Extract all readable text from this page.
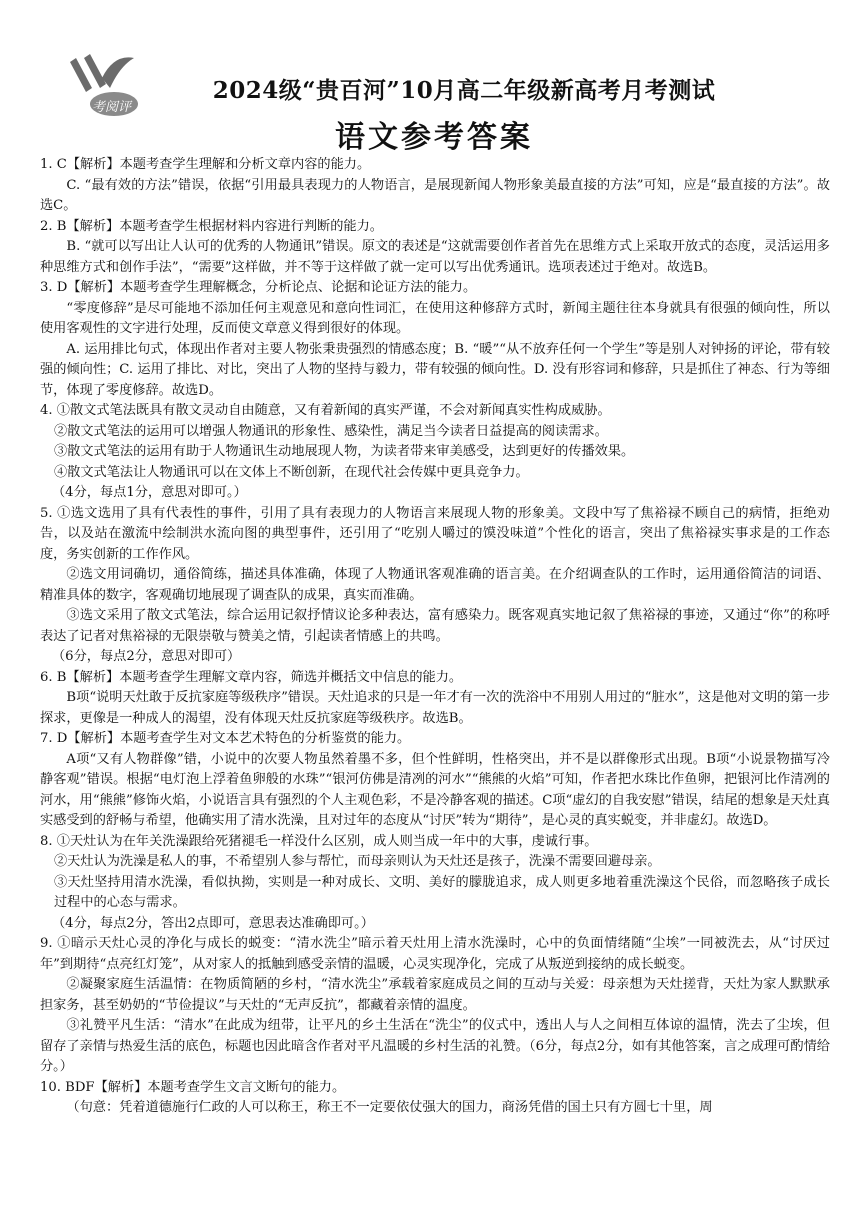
考阅评
2024级“贵百河”10月高二年级新高考月考测试
语文参考答案

1. C【解析】本题考查学生理解和分析文章内容的能力。

C. “最有效的方法”错误，依据“引用最具表现力的人物语言，是展现新闻人物形象美最直接的方法”可知，应是“最直接的方法”。故选C。

2. B【解析】本题考查学生根据材料内容进行判断的能力。

B. “就可以写出让人认可的优秀的人物通讯”错误。原文的表述是“这就需要创作者首先在思维方式上采取开放式的态度，灵活运用多种思维方式和创作手法”，“需要”这样做，并不等于这样做了就一定可以写出优秀通讯。选项表述过于绝对。故选B。

3. D【解析】本题考查学生理解概念，分析论点、论据和论证方法的能力。

“零度修辞”是尽可能地不添加任何主观意见和意向性词汇，在使用这种修辞方式时，新闻主题往往本身就具有很强的倾向性，所以使用客观性的文字进行处理，反而使文章意义得到很好的体现。

A. 运用排比句式，体现出作者对主要人物张秉贵强烈的情感态度；B. “暖”“从不放弃任何一个学生”等是别人对钟扬的评论，带有较强的倾向性；C. 运用了排比、对比，突出了人物的坚持与毅力，带有较强的倾向性。D. 没有形容词和修辞，只是抓住了神态、行为等细节，体现了零度修辞。故选D。

4. ①散文式笔法既具有散文灵动自由随意，又有着新闻的真实严谨，不会对新闻真实性构成威胁。

②散文式笔法的运用可以增强人物通讯的形象性、感染性，满足当今读者日益提高的阅读需求。

③散文式笔法的运用有助于人物通讯生动地展现人物，为读者带来审美感受，达到更好的传播效果。

④散文式笔法让人物通讯可以在文体上不断创新，在现代社会传媒中更具竞争力。

（4分，每点1分，意思对即可。）

5. ①选文选用了具有代表性的事件，引用了具有表现力的人物语言来展现人物的形象美。文段中写了焦裕禄不顾自己的病情，拒绝劝告，以及站在激流中绘制洪水流向图的典型事件，还引用了“吃别人嚼过的馍没味道”个性化的语言，突出了焦裕禄实事求是的工作态度，务实创新的工作作风。

②选文用词确切，通俗简练，描述具体准确，体现了人物通讯客观准确的语言美。在介绍调查队的工作时，运用通俗简洁的词语、精准具体的数字，客观确切地展现了调查队的成果，真实而准确。

③选文采用了散文式笔法，综合运用记叙抒情议论多种表达，富有感染力。既客观真实地记叙了焦裕禄的事迹，又通过“你”的称呼表达了记者对焦裕禄的无限崇敬与赞美之情，引起读者情感上的共鸣。

（6分，每点2分，意思对即可）

6. B【解析】本题考查学生理解文章内容，筛选并概括文中信息的能力。

B项“说明天灶敢于反抗家庭等级秩序”错误。天灶追求的只是一年才有一次的洗浴中不用别人用过的“脏水”，这是他对文明的第一步探求，更像是一种成人的渴望，没有体现天灶反抗家庭等级秩序。故选B。

7. D【解析】本题考查学生对文本艺术特色的分析鉴赏的能力。

A项“又有人物群像”错，小说中的次要人物虽然着墨不多，但个性鲜明，性格突出，并不是以群像形式出现。B项“小说景物描写冷静客观”错误。根据“电灯泡上浮着鱼卵般的水珠”“银河仿佛是清冽的河水”“熊熊的火焰”可知，作者把水珠比作鱼卵，把银河比作清冽的河水，用“熊熊”修饰火焰，小说语言具有强烈的个人主观色彩，不是冷静客观的描述。C项“虚幻的自我安慰”错误，结尾的想象是天灶真实感受到的舒畅与希望，他确实用了清水洗澡，且对过年的态度从“讨厌”转为“期待”，是心灵的真实蜕变，并非虚幻。故选D。

8. ①天灶认为在年关洗澡跟给死猪褪毛一样没什么区别，成人则当成一年中的大事，虔诚行事。

②天灶认为洗澡是私人的事，不希望别人参与帮忙，而母亲则认为天灶还是孩子，洗澡不需要回避母亲。

③天灶坚持用清水洗澡，看似执拗，实则是一种对成长、文明、美好的朦胧追求，成人则更多地着重洗澡这个民俗，而忽略孩子成长过程中的心态与需求。

（4分，每点2分，答出2点即可，意思表达准确即可。）

9. ①暗示天灶心灵的净化与成长的蜕变：“清水洗尘”暗示着天灶用上清水洗澡时，心中的负面情绪随“尘埃”一同被洗去，从“讨厌过年”到期待“点亮红灯笼”，从对家人的抵触到感受亲情的温暖，心灵实现净化，完成了从叛逆到接纳的成长蜕变。

②凝聚家庭生活温情：在物质简陋的乡村，“清水洗尘”承载着家庭成员之间的互动与关爱：母亲想为天灶搓背，天灶为家人默默承担家务，甚至奶奶的“节俭提议”与天灶的“无声反抗”，都藏着亲情的温度。

③礼赞平凡生活：“清水”在此成为纽带，让平凡的乡土生活在“洗尘”的仪式中，透出人与人之间相互体谅的温情，洗去了尘埃，但留存了亲情与热爱生活的底色，标题也因此暗含作者对平凡温暖的乡村生活的礼赞。（6分，每点2分，如有其他答案，言之成理可酌情给分。）

10. BDF【解析】本题考查学生文言文断句的能力。

（句意：凭着道德施行仁政的人可以称王，称王不一定要依仗强大的国力，商汤凭借的国土只有方圆七十里，周
